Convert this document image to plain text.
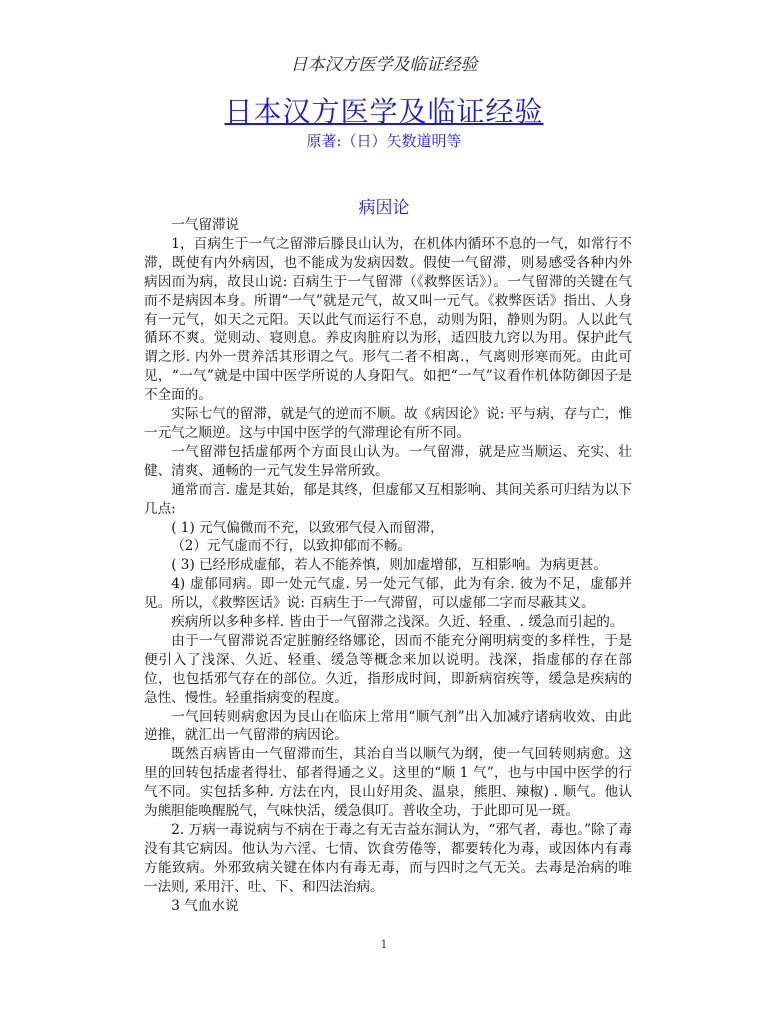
日本汉方医学及临证经验
日本汉方医学及临证经验
原著:（日）矢数道明等
病因论

一气留滞说

1，百病生于一气之留滞后滕艮山认为，在机体内循环不息的一气，如常行不滞，既使有内外病因，也不能成为发病因数。假使一气留滞，则易感受各种内外病因而为病，故艮山说: 百病生于一气留滞（《救弊医话》）。一气留滞的关键在气而不是病因本身。所谓“一气”就是元气，故又叫一元气。《救弊医话》指出、人身有一元气，如天之元阳。天以此气而运行不息，动则为阳，静则为阴。人以此气循环不爽。觉则动、寝则息。养皮肉脏府以为形，适四肢九窍以为用。保护此气谓之形. 内外一贯养活其形谓之气。形气二者不相离.，气离则形寒而死。由此可见，“一气”就是中国中医学所说的人身阳气。如把“一气”议看作机体防御因子是不全面的。

实际七气的留滞，就是气的逆而不顺。故《病因论》说: 平与病，存与亡，惟一元气之顺逆。这与中国中医学的气滞理论有所不同。

一气留滞包括虚郁两个方面艮山认为。一气留滞，就是应当顺运、充实、壮健、清爽、通畅的一元气发生异常所致。

通常而言. 虚是其始，郁是其终，但虚郁又互相影响、其间关系可归结为以下几点:

( 1) 元气偏微而不充，以致邪气侵入而留滞，

（2）元气虚而不行，以致抑郁而不畅。

( 3) 已经形成虚郁，若人不能养慎，则加虚增郁，互相影响。为病更甚。

4) 虚郁同病。即一处元气虚. 另一处元气郁，此为有余. 彼为不足，虚郁并见。所以，《救弊医话》说: 百病生于一气滞留，可以虚郁二字而尽蔽其义。

疾病所以多种多样. 皆由于一气留滞之浅深。久近、轻重、. 缓急而引起的。

由于一气留滞说否定脏腑经络娜论，因而不能充分阐明病变的多样性，于是便引入了浅深、久近、轻重、缓急等概念来加以说明。浅深，指虚郁的存在部位，也包括邪气存在的部位。久近，指形成时间，即新病宿疾等，缓急是疾病的急性、慢性。轻重指病变的程度。

一气回转则病愈因为艮山在临床上常用“顺气剂”出入加减疗诸病收效、由此逆推，就汇出一气留滞的病因论。

既然百病皆由一气留滞而生，其治自当以顺气为纲，使一气回转则病愈。这里的回转包括虚者得壮、郁者得通之义。这里的“顺 1 气”，也与中国中医学的行气不同。实包括多种. 方法在内，艮山好用灸、温泉，熊胆、辣椒) . 顺气。他认为熊胆能唤醒脱气，气味快活，缓急俱叮。普收全功，于此即可见一斑。

2. 万病一毒说病与不病在于毒之有无吉益东洞认为，“邪气者，毒也。”除了毒没有其它病因。他认为六淫、七情、饮食劳倦等，都要转化为毒，或因体内有毒方能致病。外邪致病关键在体内有毒无毒，而与四时之气无关。去毒是治病的唯一法则, 釆用汗、吐、下、和四法治病。

3 气血水说

1
